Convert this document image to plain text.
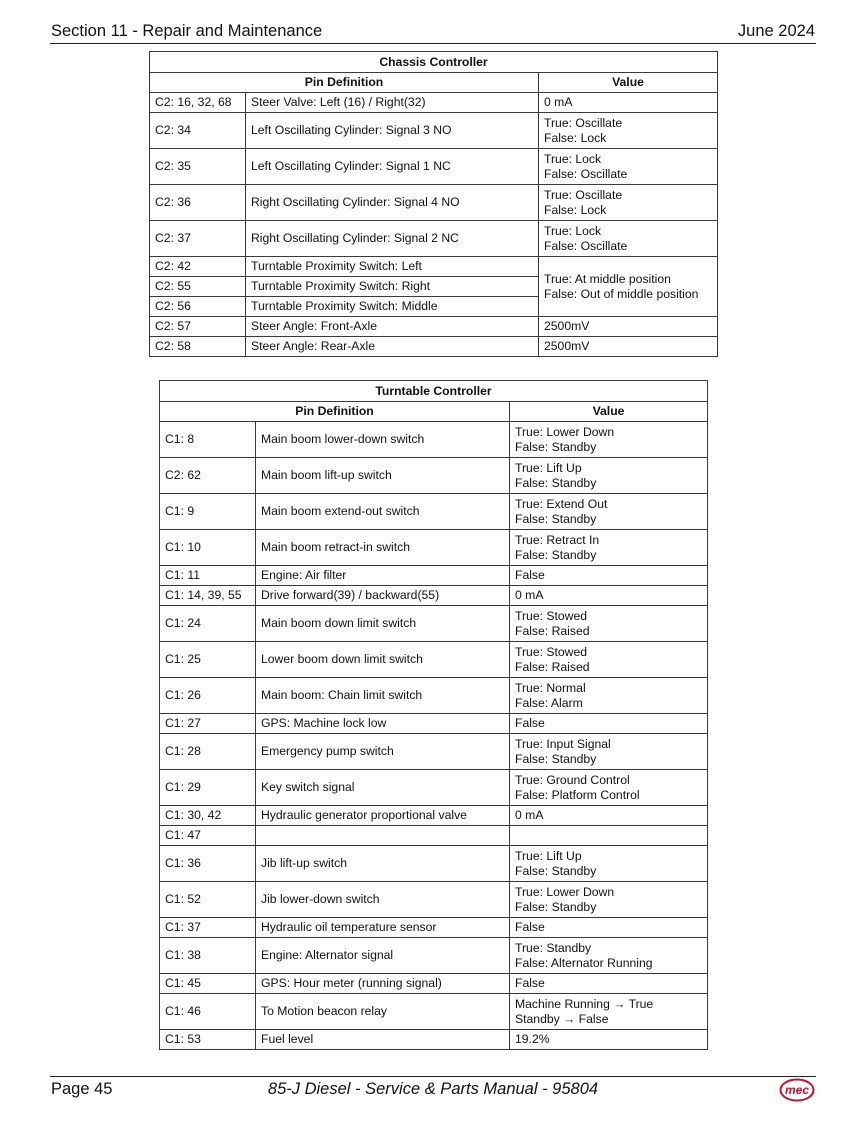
Section 11 - Repair and Maintenance	June 2024
Chassis Controller		
Pin Definition		Value
C2: 16, 32, 68	Steer Valve: Left (16) / Right(32)	0 mA
C2: 34	Left Oscillating Cylinder: Signal 3 NO	True: Oscillate
False: Lock

C2: 35	Left Oscillating Cylinder: Signal 1 NC	True: Lock
False: Oscillate

C2: 36	Right Oscillating Cylinder: Signal 4 NO	True: Oscillate
False: Lock

C2: 37	Right Oscillating Cylinder: Signal 2 NC	True: Lock
False: Oscillate

C2: 42	Turntable Proximity Switch: Left	True: At middle position
False: Out of middle position

C2: 55	Turntable Proximity Switch: Right	
C2: 56	Turntable Proximity Switch: Middle	
C2: 57	Steer Angle: Front-Axle	2500mV
C2: 58	Steer Angle: Rear-Axle	2500mV
Turntable Controller		
Pin Definition		Value
C1: 8	Main boom lower-down switch	True: Lower Down
False: Standby

C2: 62	Main boom lift-up switch	True: Lift Up
False: Standby

C1: 9	Main boom extend-out switch	True: Extend Out
False: Standby

C1: 10	Main boom retract-in switch	True: Retract In
False: Standby

C1: 11	Engine: Air filter	False
C1: 14, 39, 55	Drive forward(39) / backward(55)	0 mA
C1: 24	Main boom down limit switch	True: Stowed
False: Raised

C1: 25	Lower boom down limit switch	True: Stowed
False: Raised

C1: 26	Main boom: Chain limit switch	True: Normal
False: Alarm

C1: 27	GPS: Machine lock low	False
C1: 28	Emergency pump switch	True: Input Signal
False: Standby

C1: 29	Key switch signal	True: Ground Control
False: Platform Control

C1: 30, 42	Hydraulic generator proportional valve	0 mA
C1: 47		
C1: 36	Jib lift-up switch	True: Lift Up
False: Standby

C1: 52	Jib lower-down switch	True: Lower Down
False: Standby

C1: 37	Hydraulic oil temperature sensor	False
C1: 38	Engine: Alternator signal	True: Standby
False: Alternator Running

C1: 45	GPS: Hour meter (running signal)	False
C1: 46	To Motion beacon relay	Machine Running → True
Standby → False

C1: 53	Fuel level	19.2%
Page 45	85-J Diesel - Service & Parts Manual - 95804	mec
